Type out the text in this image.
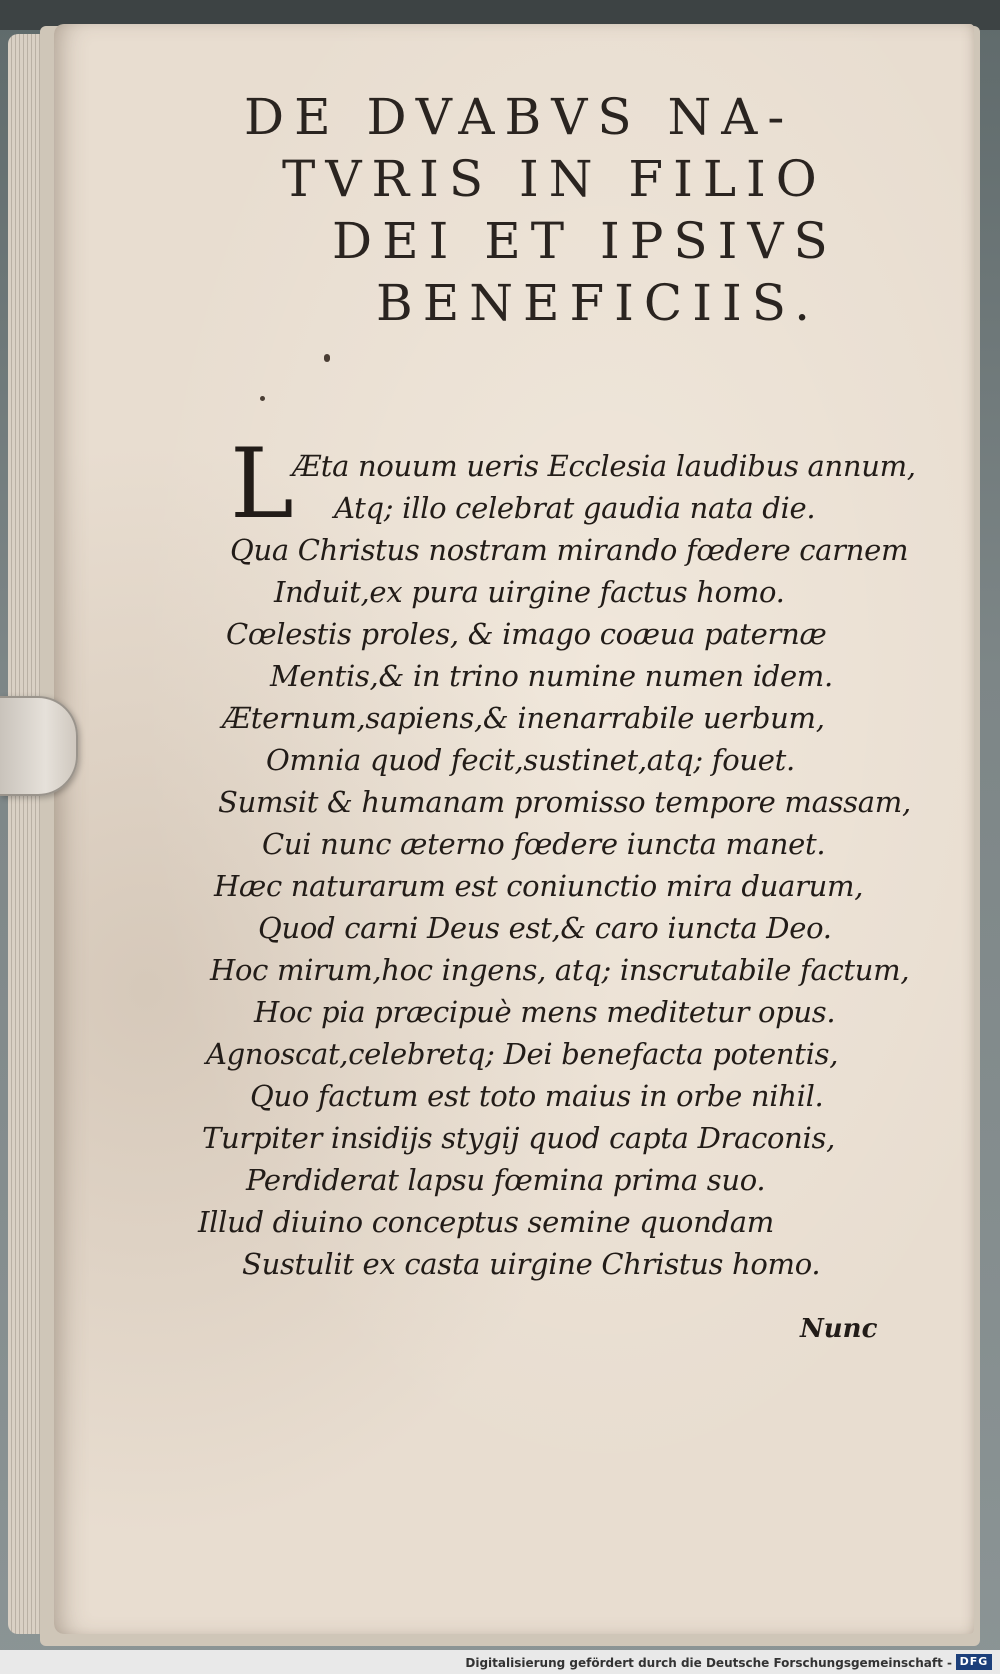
DE DVABVS NA-
TVRIS IN FILIO
DEI ET IPSIVS
BENEFICIIS.
L
Æta nouum ueris Ecclesia laudibus annum,
Atq; illo celebrat gaudia nata die.
Qua Christus nostram mirando fœdere carnem
Induit,ex pura uirgine factus homo.
Cœlestis proles, & imago coæua paternæ
Mentis,& in trino numine numen idem.
Æternum,sapiens,& inenarrabile uerbum,
Omnia quod fecit,sustinet,atq; fouet.
Sumsit & humanam promisso tempore massam,
Cui nunc æterno fœdere iuncta manet.
Hæc naturarum est coniunctio mira duarum,
Quod carni Deus est,& caro iuncta Deo.
Hoc mirum,hoc ingens, atq; inscrutabile factum,
Hoc pia præcipuè mens meditetur opus.
Agnoscat,celebretq; Dei benefacta potentis,
Quo factum est toto maius in orbe nihil.
Turpiter insidijs stygij quod capta Draconis,
Perdiderat lapsu fœmina prima suo.
Illud diuino conceptus semine quondam
Sustulit ex casta uirgine Christus homo.
Nunc
Digitalisierung gefördert durch die Deutsche Forschungsgemeinschaft - DFG
